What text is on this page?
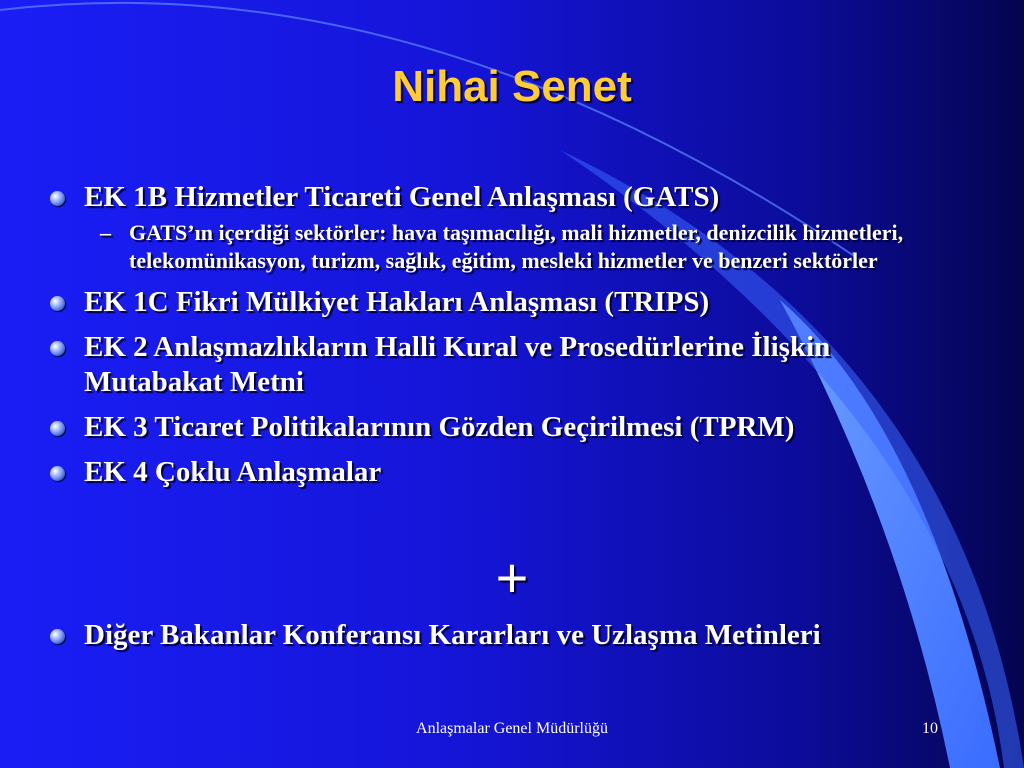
Nihai Senet
EK 1B Hizmetler Ticareti Genel Anlaşması (GATS)
– GATS’ın içerdiği sektörler: hava taşımacılığı, mali hizmetler, denizcilik hizmetleri, telekomünikasyon, turizm, sağlık, eğitim, mesleki hizmetler ve benzeri sektörler
EK 1C Fikri Mülkiyet Hakları Anlaşması (TRIPS)
EK 2 Anlaşmazlıkların Halli Kural ve Prosedürlerine İlişkin Mutabakat Metni
EK 3 Ticaret Politikalarının Gözden Geçirilmesi (TPRM)
EK 4 Çoklu Anlaşmalar
+
Diğer Bakanlar Konferansı Kararları ve Uzlaşma Metinleri
Anlaşmalar Genel Müdürlüğü	10
